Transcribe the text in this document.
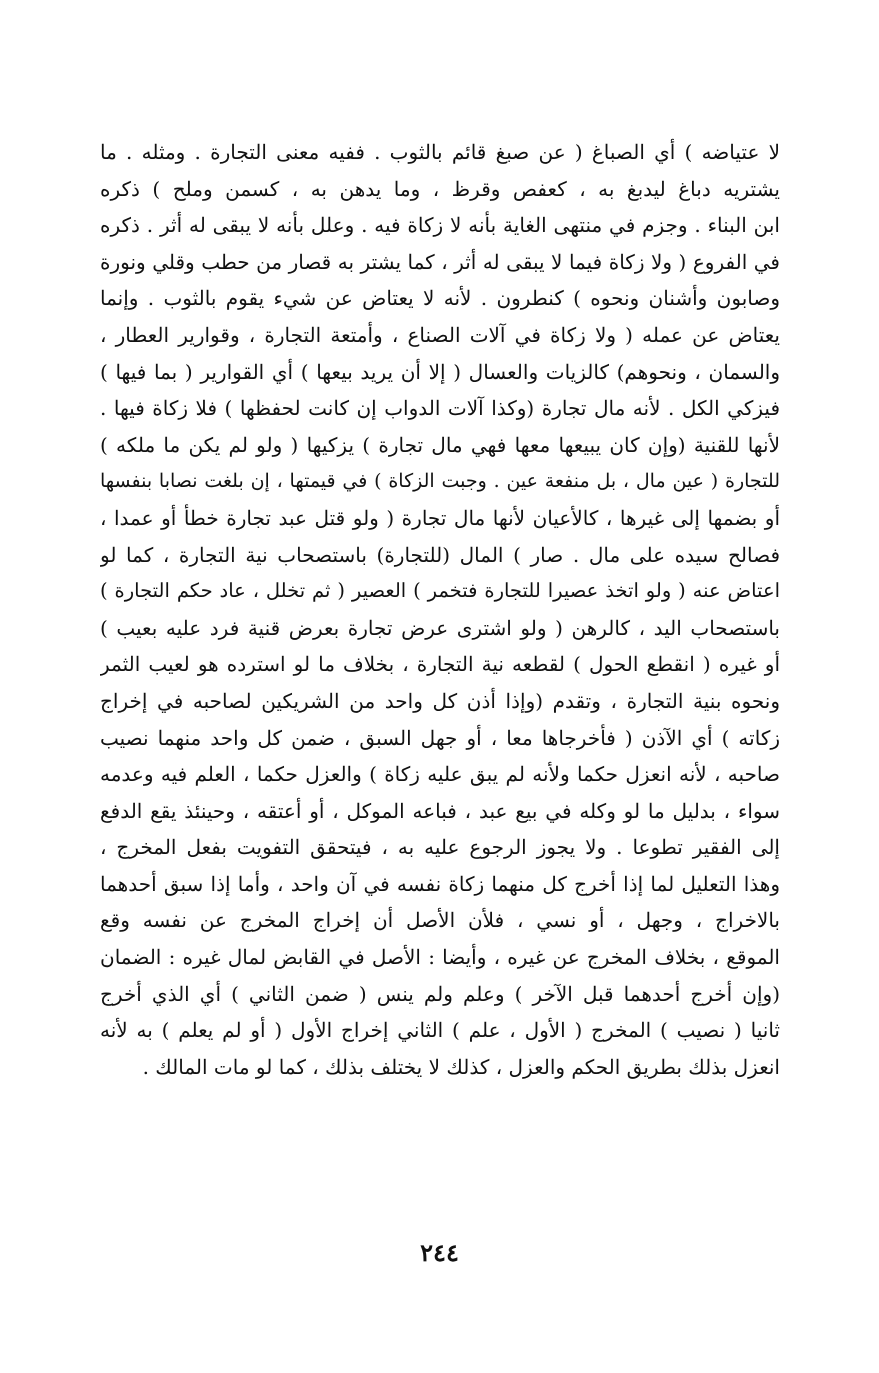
لا عتياضه ) أي الصباغ ( عن صبغ قائم بالثوب . ففيه معنى التجارة . ومثله . ما
يشتريه دباغ ليدبغ به ، كعفص وقرظ ، وما يدهن به ، كسمن وملح ) ذكره
ابن البناء . وجزم في منتهى الغاية بأنه لا زكاة فيه . وعلل بأنه لا يبقى له أثر . ذكره
في الفروع ( ولا زكاة فيما لا يبقى له أثر ، كما يشتر به قصار من حطب وقلي ونورة
وصابون وأشنان ونحوه ) كنطرون . لأنه لا يعتاض عن شيء يقوم بالثوب . وإنما
يعتاض عن عمله ( ولا زكاة في آلات الصناع ، وأمتعة التجارة ، وقوارير العطار ،
والسمان ، ونحوهم) كالزيات والعسال ( إلا أن يريد بيعها ) أي القوارير ( بما فيها )
فيزكي الكل . لأنه مال تجارة (وكذا آلات الدواب إن كانت لحفظها ) فلا زكاة فيها .
لأنها للقنية (وإن كان يبيعها معها فهي مال تجارة ) يزكيها ( ولو لم يكن ما ملكه )
للتجارة ( عين مال ، بل منفعة عين . وجبت الزكاة ) في قيمتها ، إن بلغت نصابا بنفسها
أو بضمها إلى غيرها ، كالأعيان لأنها مال تجارة ( ولو قتل عبد تجارة خطأ أو عمدا ،
فصالح سيده على مال . صار ) المال (للتجارة) باستصحاب نية التجارة ، كما لو
اعتاض عنه ( ولو اتخذ عصيرا للتجارة فتخمر ) العصير ( ثم تخلل ، عاد حكم التجارة )
باستصحاب اليد ، كالرهن ( ولو اشترى عرض تجارة بعرض قنية فرد عليه بعيب )
أو غيره ( انقطع الحول ) لقطعه نية التجارة ، بخلاف ما لو استرده هو لعيب الثمر
ونحوه بنية التجارة ، وتقدم (وإذا أذن كل واحد من الشريكين لصاحبه في إخراج
زكاته ) أي الآذن ( فأخرجاها معا ، أو جهل السبق ، ضمن كل واحد منهما نصيب
صاحبه ، لأنه انعزل حكما ولأنه لم يبق عليه زكاة ) والعزل حكما ، العلم فيه وعدمه
سواء ، بدليل ما لو وكله في بيع عبد ، فباعه الموكل ، أو أعتقه ، وحينئذ يقع الدفع
إلى الفقير تطوعا . ولا يجوز الرجوع عليه به ، فيتحقق التفويت بفعل المخرج ،
وهذا التعليل لما إذا أخرج كل منهما زكاة نفسه في آن واحد ، وأما إذا سبق أحدهما
بالاخراج ، وجهل ، أو نسي ، فلأن الأصل أن إخراج المخرج عن نفسه وقع
الموقع ، بخلاف المخرج عن غيره ، وأيضا : الأصل في القابض لمال غيره : الضمان
(وإن أخرج أحدهما قبل الآخر ) وعلم ولم ينس ( ضمن الثاني ) أي الذي أخرج
ثانيا ( نصيب ) المخرج ( الأول ، علم ) الثاني إخراج الأول ( أو لم يعلم ) به لأنه
انعزل بذلك بطريق الحكم والعزل ، كذلك لا يختلف بذلك ، كما لو مات المالك .
٢٤٤
